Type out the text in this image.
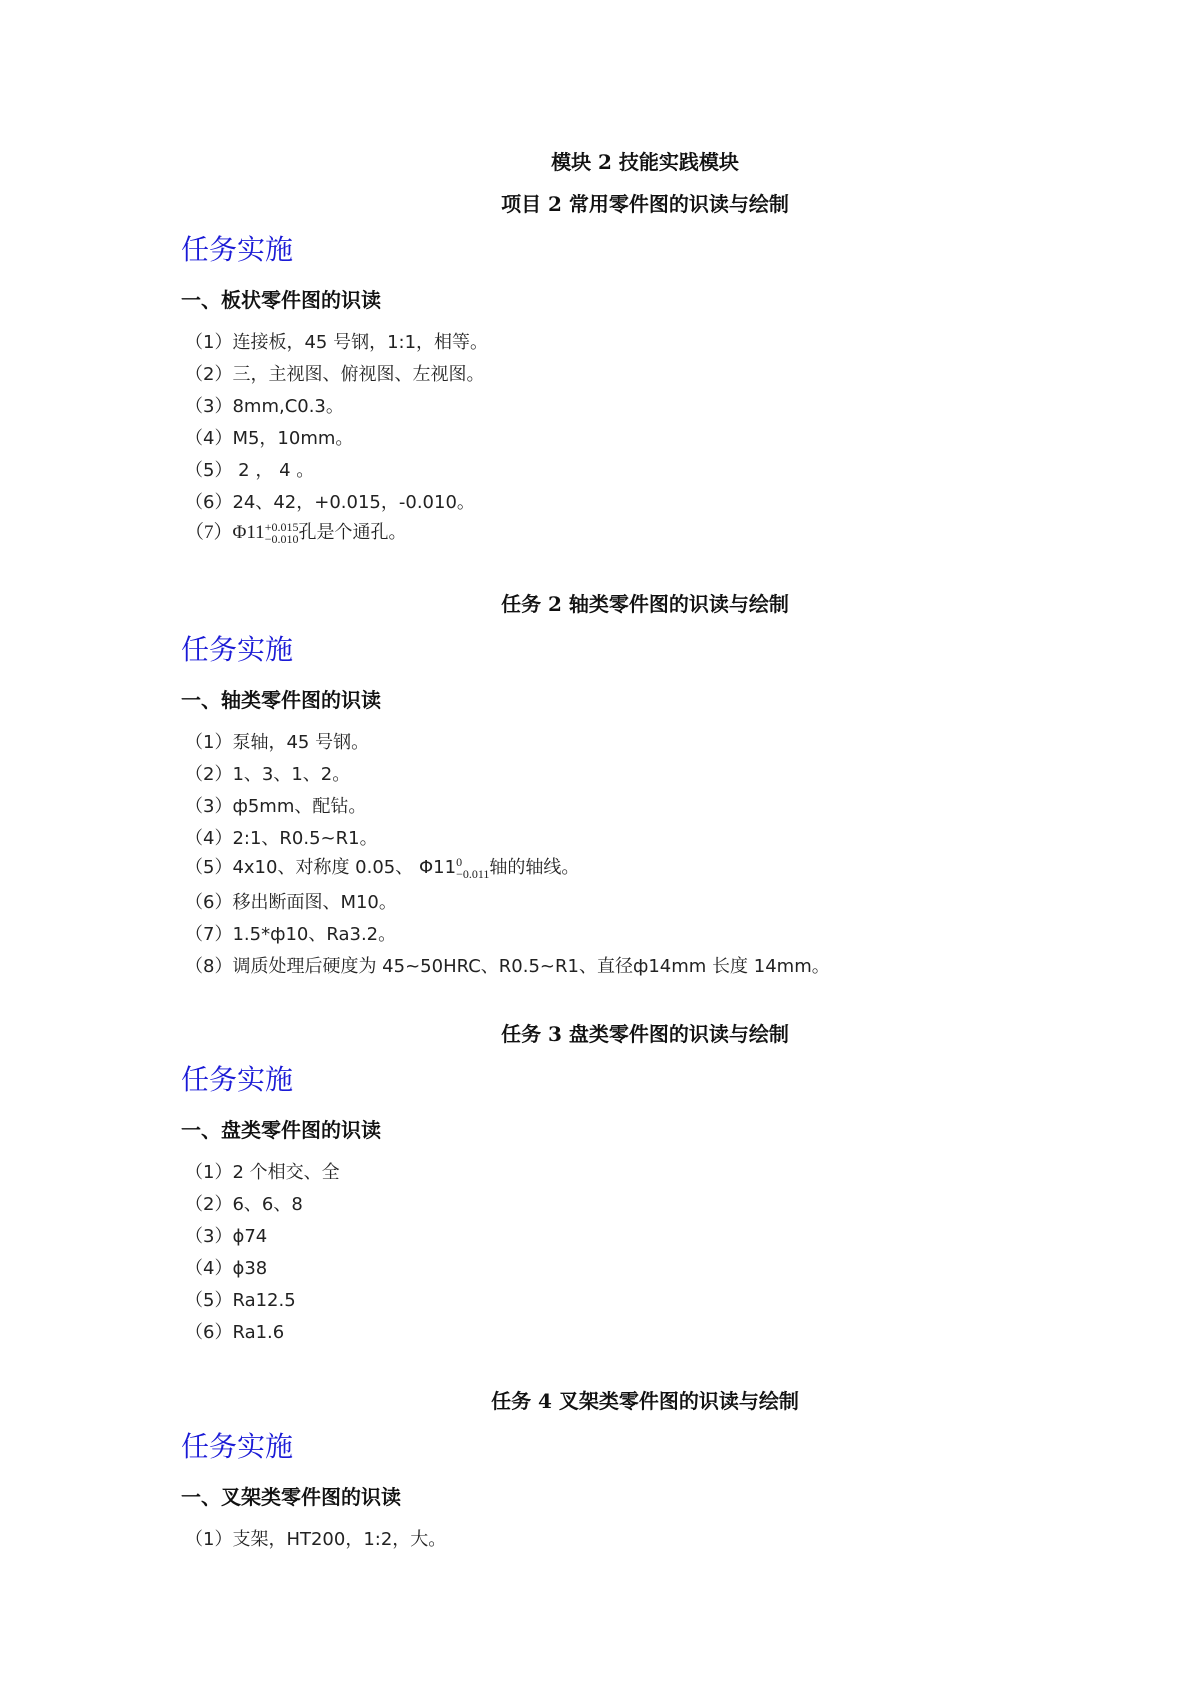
模块 2 技能实践模块
项目 2 常用零件图的识读与绘制
任务实施
一、板状零件图的识读
（1）连接板，45 号钢，1:1，相等。
（2）三，主视图、俯视图、左视图。
（3）8mm,C0.3。
（4）M5，10mm。
（5） 2 ， 4 。
（6）24、42，+0.015，-0.010。
（7）Φ11 +0.015
−0.010 孔是个通孔。
任务 2 轴类零件图的识读与绘制
任务实施
一、轴类零件图的识读
（1）泵轴，45 号钢。
（2）1、3、1、2。
（3）ф5mm、配钻。
（4）2:1、R0.5~R1。
（5）4x10、对称度 0.05、 Φ11 0
−0.011 轴的轴线。
（6）移出断面图、M10。
（7）1.5*ф10、Ra3.2。
（8）调质处理后硬度为 45~50HRC、R0.5~R1、直径ф14mm 长度 14mm。
任务 3 盘类零件图的识读与绘制
任务实施
一、盘类零件图的识读
（1）2 个相交、全
（2）6、6、8
（3）ϕ74
（4）ϕ38
（5）Ra12.5
（6）Ra1.6
任务 4 叉架类零件图的识读与绘制
任务实施
一、叉架类零件图的识读
（1）支架，HT200，1:2，大。
